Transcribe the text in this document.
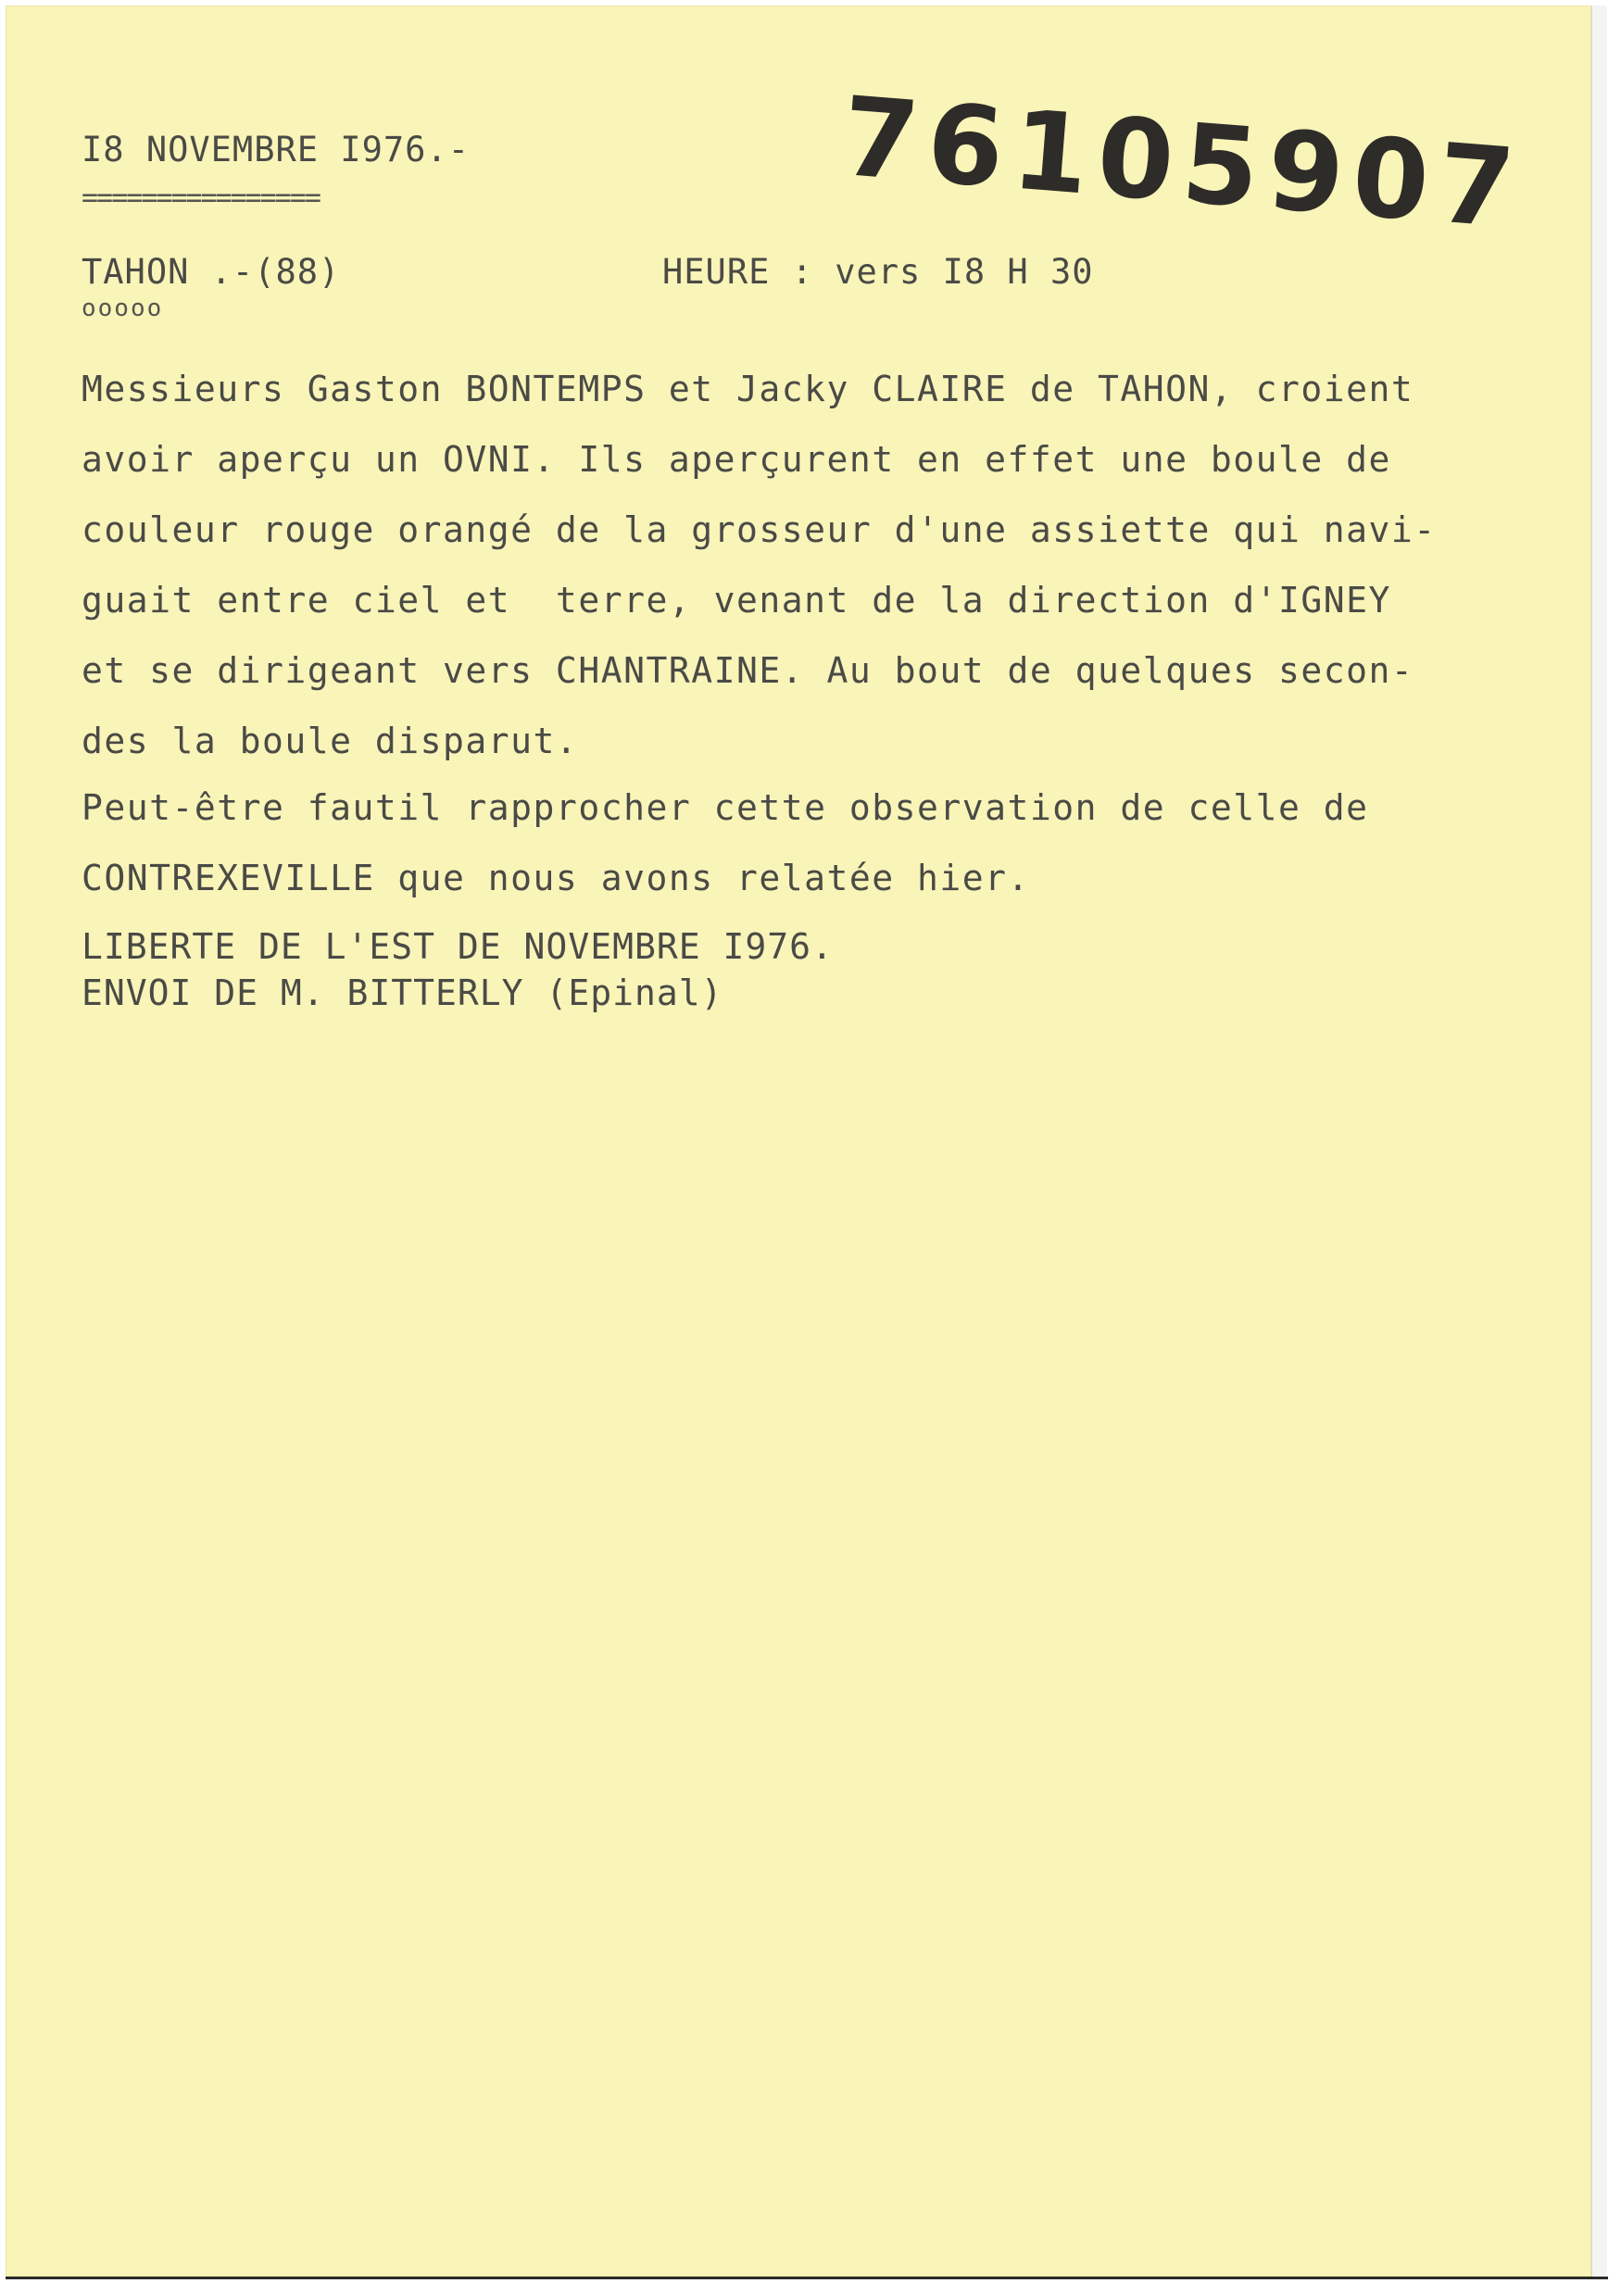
I8 NOVEMBRE I976.-
================	76105907
TAHON .-(88)
ooooo
HEURE : vers I8 H 30
Messieurs Gaston BONTEMPS et Jacky CLAIRE de TAHON, croient
avoir aperçu un OVNI. Ils aperçurent en effet une boule de
couleur rouge orangé de la grosseur d'une assiette qui navi-
guait entre ciel et  terre, venant de la direction d'IGNEY
et se dirigeant vers CHANTRAINE. Au bout de quelques secon-
des la boule disparut.
Peut-être fautil rapprocher cette observation de celle de
CONTREXEVILLE que nous avons relatée hier.
LIBERTE DE L'EST DE NOVEMBRE I976.
ENVOI DE M. BITTERLY (Epinal)
